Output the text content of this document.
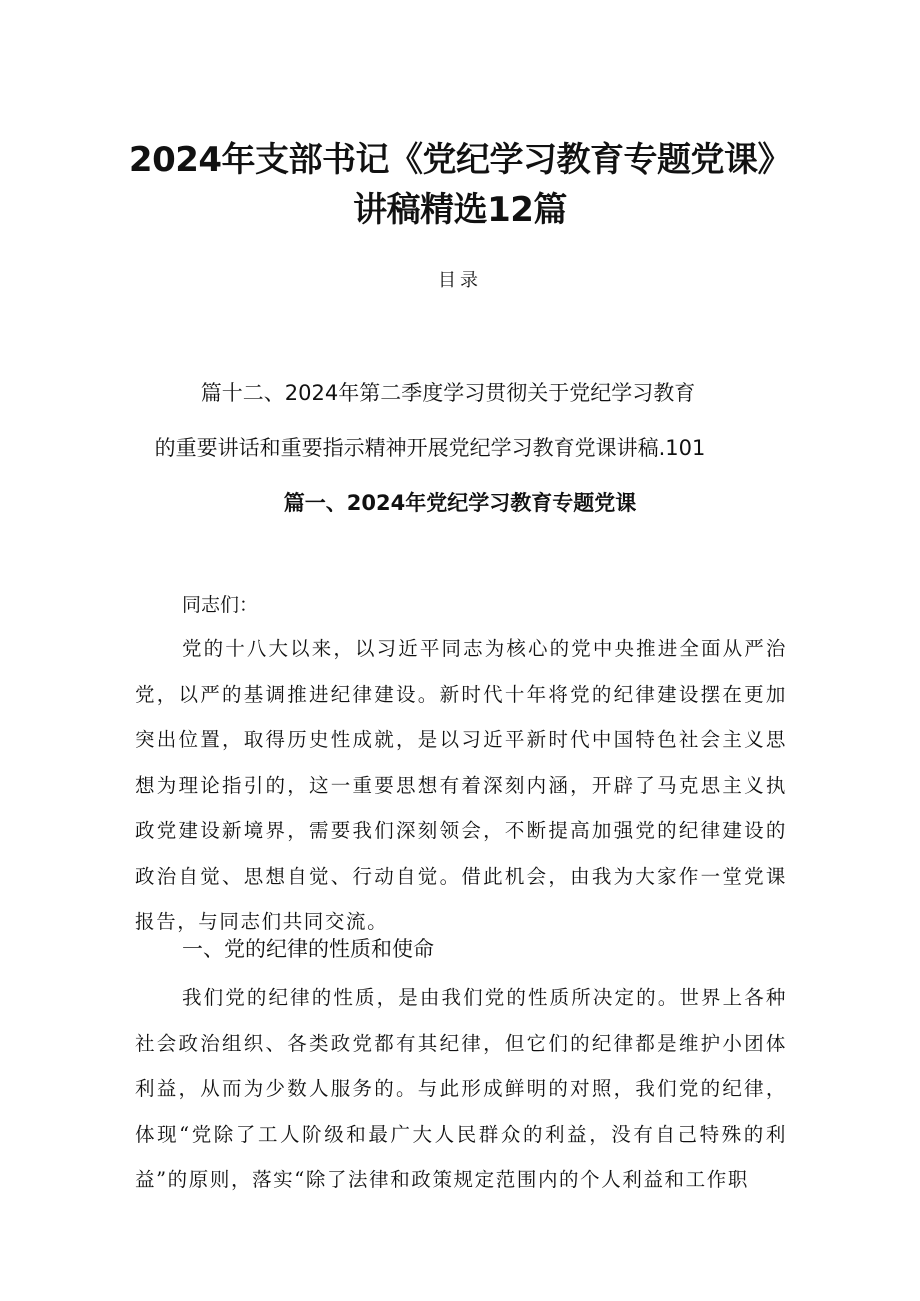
2024年支部书记《党纪学习教育专题党课》
讲稿精选12篇
目录
篇十二、2024年第二季度学习贯彻关于党纪学习教育
的重要讲话和重要指示精神开展党纪学习教育党课讲稿.101
篇一、2024年党纪学习教育专题党课
同志们：
党的十八大以来，以习近平同志为核心的党中央推进全面从严治党，以严的基调推进纪律建设。新时代十年将党的纪律建设摆在更加突出位置，取得历史性成就，是以习近平新时代中国特色社会主义思想为理论指引的，这一重要思想有着深刻内涵，开辟了马克思主义执政党建设新境界，需要我们深刻领会，不断提高加强党的纪律建设的政治自觉、思想自觉、行动自觉。借此机会，由我为大家作一堂党课报告，与同志们共同交流。
一、党的纪律的性质和使命
我们党的纪律的性质，是由我们党的性质所决定的。世界上各种社会政治组织、各类政党都有其纪律，但它们的纪律都是维护小团体利益，从而为少数人服务的。与此形成鲜明的对照，我们党的纪律，体现“党除了工人阶级和最广大人民群众的利益，没有自己特殊的利益”的原则，落实“除了法律和政策规定范围内的个人利益和工作职
